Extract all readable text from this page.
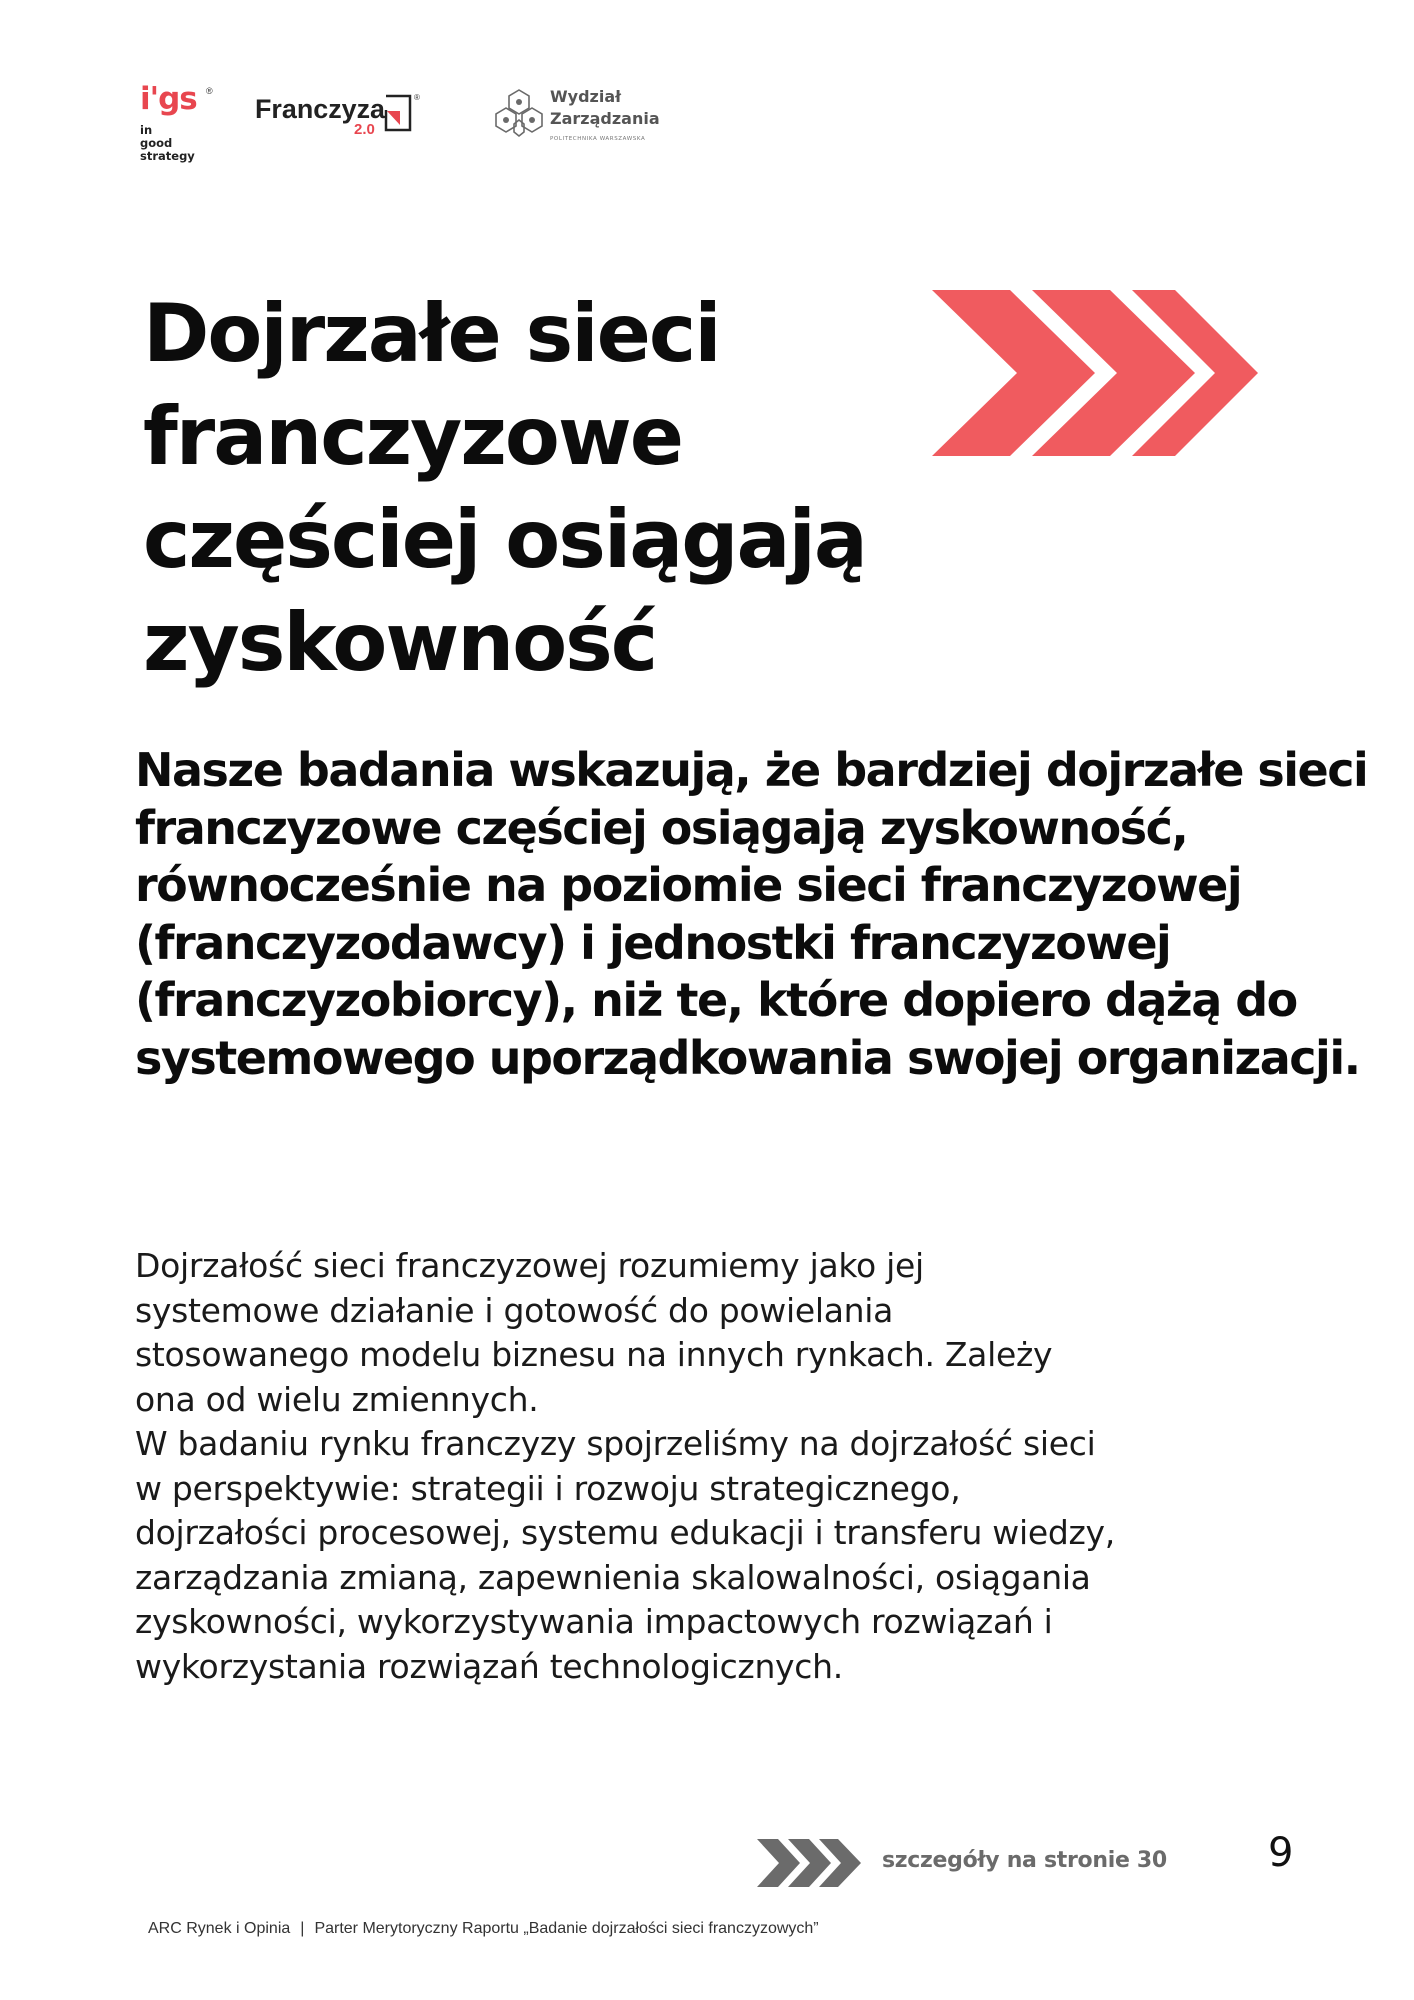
i'gs ®
in
good
strategy
Franczyza
2.0
®	Wydział
Zarządzania
POLITECHNIKA WARSZAWSKA
Dojrzałe sieci
franczyzowe
częściej osiągają
zyskowność

Nasze badania wskazują, że bardziej dojrzałe sieci franczyzowe częściej osiągają zyskowność, równocześnie na poziomie sieci franczyzowej (franczyzodawcy) i jednostki franczyzowej (franczyzobiorcy), niż te, które dopiero dążą do systemowego uporządkowania swojej organizacji.

Dojrzałość sieci franczyzowej rozumiemy jako jej
systemowe działanie i gotowość do powielania
stosowanego modelu biznesu na innych rynkach. Zależy
ona od wielu zmiennych.
W badaniu rynku franczyzy spojrzeliśmy na dojrzałość sieci
w perspektywie: strategii i rozwoju strategicznego,
dojrzałości procesowej, systemu edukacji i transferu wiedzy,
zarządzania zmianą, zapewnienia skalowalności, osiągania
zyskowności, wykorzystywania impactowych rozwiązań i
wykorzystania rozwiązań technologicznych.

szczegóły na stronie 30	9
ARC Rynek i Opinia | Parter Merytoryczny Raportu „Badanie dojrzałości sieci franczyzowych”
